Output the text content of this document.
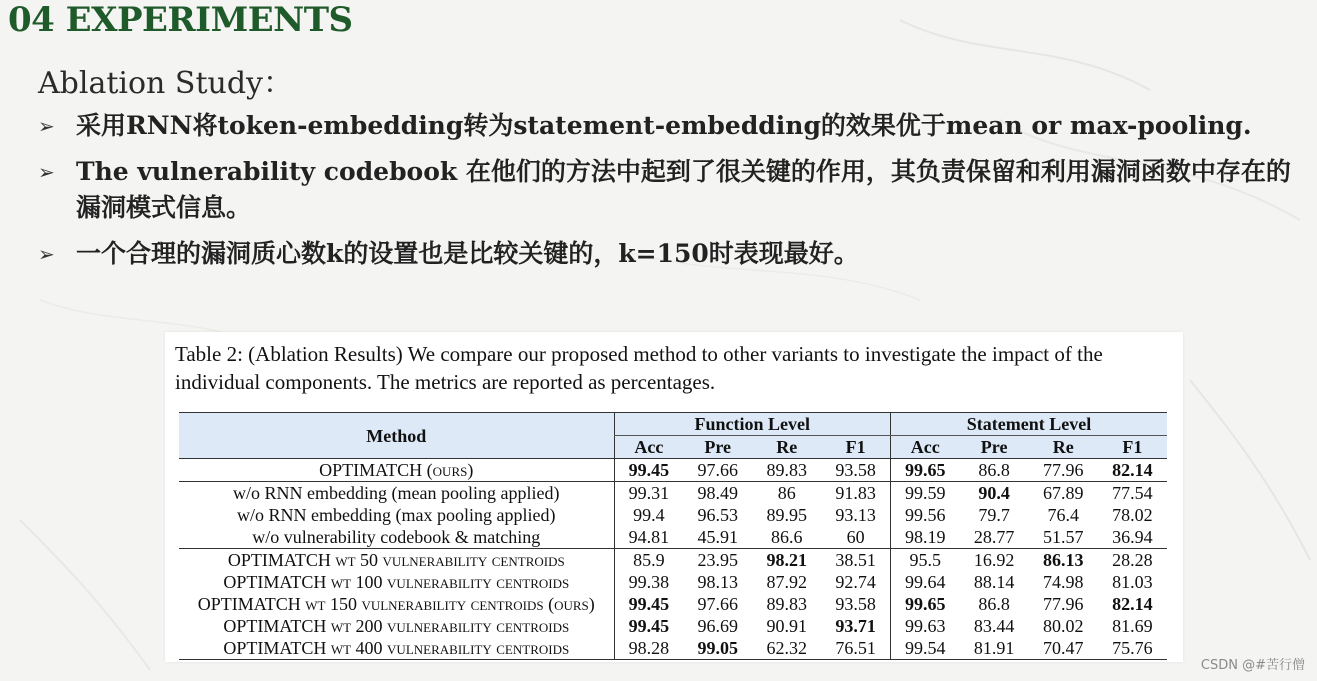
04 EXPERIMENTS
Ablation Study：
➢ 采用RNN将token-embedding转为statement-embedding的效果优于mean or max-pooling.
➢ The vulnerability codebook 在他们的方法中起到了很关键的作用，其负责保留和利用漏洞函数中存在的漏洞模式信息。
➢ 一个合理的漏洞质心数k的设置也是比较关键的，k=150时表现最好。
Table 2: (Ablation Results) We compare our proposed method to other variants to investigate the impact of the individual components. The metrics are reported as percentages.
Method	Function Level				Statement Level			
	Acc	Pre	Re	F1	Acc	Pre	Re	F1
OPTIMATCH (ours)	99.45	97.66	89.83	93.58	99.65	86.8	77.96	82.14
w/o RNN embedding (mean pooling applied)	99.31	98.49	86	91.83	99.59	90.4	67.89	77.54
w/o RNN embedding (max pooling applied)	99.4	96.53	89.95	93.13	99.56	79.7	76.4	78.02
w/o vulnerability codebook & matching	94.81	45.91	86.6	60	98.19	28.77	51.57	36.94
OPTIMATCH wt 50 vulnerability centroids	85.9	23.95	98.21	38.51	95.5	16.92	86.13	28.28
OPTIMATCH wt 100 vulnerability centroids	99.38	98.13	87.92	92.74	99.64	88.14	74.98	81.03
OPTIMATCH wt 150 vulnerability centroids (ours)	99.45	97.66	89.83	93.58	99.65	86.8	77.96	82.14
OPTIMATCH wt 200 vulnerability centroids	99.45	96.69	90.91	93.71	99.63	83.44	80.02	81.69
OPTIMATCH wt 400 vulnerability centroids	98.28	99.05	62.32	76.51	99.54	81.91	70.47	75.76
CSDN @#苦行僧
